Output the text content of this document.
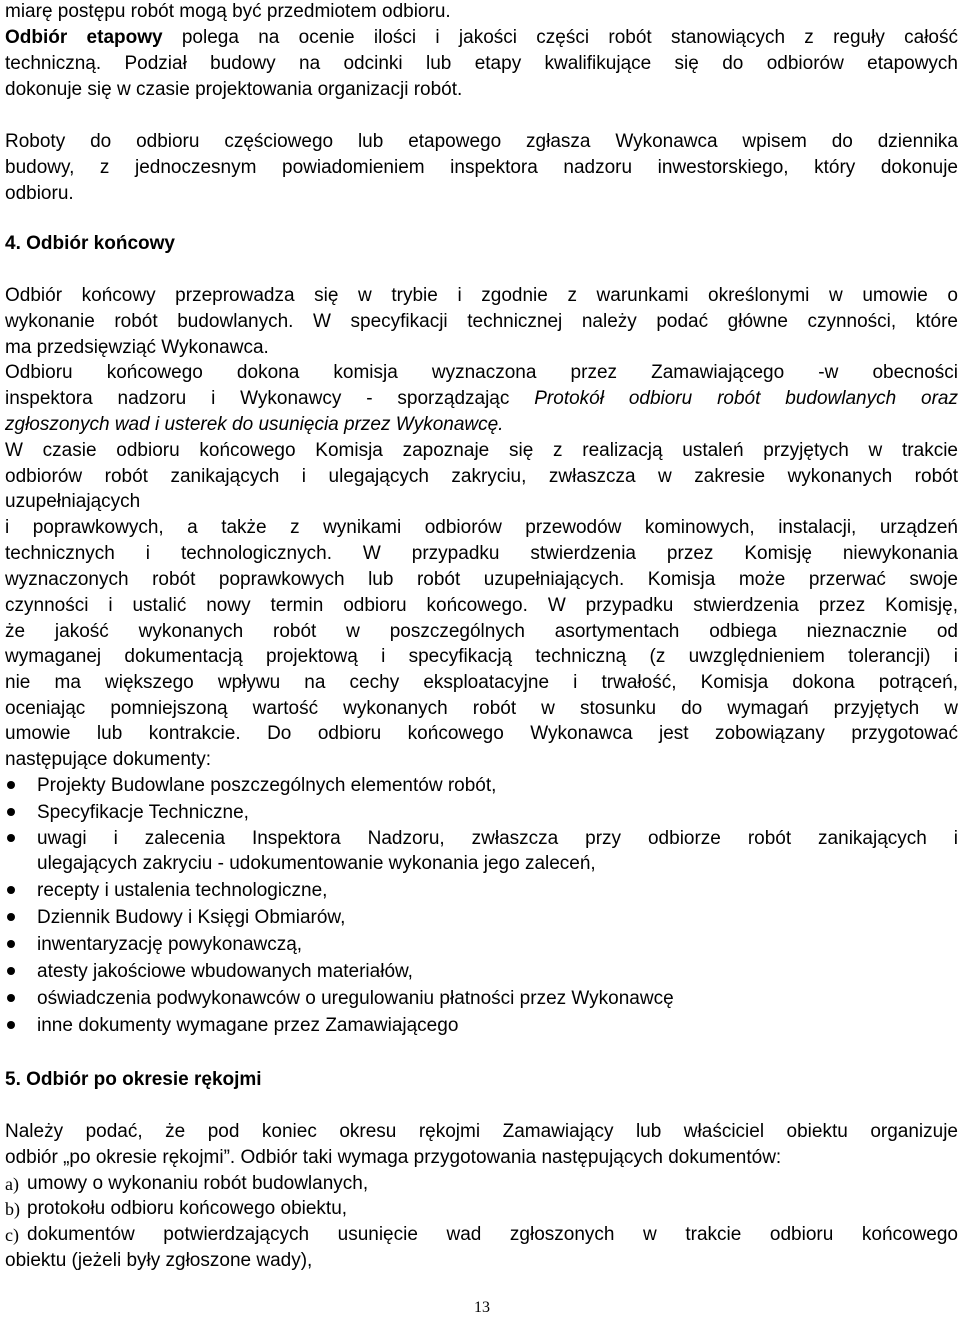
miarę postępu robót mogą być przedmiotem odbioru.
Odbiór etapowy polega na ocenie ilości i jakości części robót stanowiących z reguły całość
techniczną. Podział budowy na odcinki lub etapy kwalifikujące się do odbiorów etapowych
dokonuje się w czasie projektowania organizacji robót.
Roboty do odbioru częściowego lub etapowego zgłasza Wykonawca wpisem do dziennika
budowy, z jednoczesnym powiadomieniem inspektora nadzoru inwestorskiego, który dokonuje
odbioru.
4. Odbiór końcowy
Odbiór końcowy przeprowadza się w trybie i zgodnie z warunkami określonymi w umowie o
wykonanie robót budowlanych. W specyfikacji technicznej należy podać główne czynności, które
ma przedsięwziąć Wykonawca.
Odbioru końcowego dokona komisja wyznaczona przez Zamawiającego -w obecności
inspektora nadzoru i Wykonawcy - sporządzając Protokół odbioru robót budowlanych oraz
zgłoszonych wad i usterek do usunięcia przez Wykonawcę.
W czasie odbioru końcowego Komisja zapoznaje się z realizacją ustaleń przyjętych w trakcie
odbiorów robót zanikających i ulegających zakryciu, zwłaszcza w zakresie wykonanych robót
uzupełniających
i poprawkowych, a także z wynikami odbiorów przewodów kominowych, instalacji, urządzeń
technicznych i technologicznych. W przypadku stwierdzenia przez Komisję niewykonania
wyznaczonych robót poprawkowych lub robót uzupełniających. Komisja może przerwać swoje
czynności i ustalić nowy termin odbioru końcowego. W przypadku stwierdzenia przez Komisję,
że jakość wykonanych robót w poszczególnych asortymentach odbiega nieznacznie od
wymaganej dokumentacją projektową i specyfikacją techniczną (z uwzględnieniem tolerancji) i
nie ma większego wpływu na cechy eksploatacyjne i trwałość, Komisja dokona potrąceń,
oceniając pomniejszoną wartość wykonanych robót w stosunku do wymagań przyjętych w
umowie lub kontrakcie. Do odbioru końcowego Wykonawca jest zobowiązany przygotować
następujące dokumenty:
Projekty Budowlane poszczególnych elementów robót,
Specyfikacje Techniczne,
uwagi i zalecenia Inspektora Nadzoru, zwłaszcza przy odbiorze robót zanikających i
ulegających zakryciu - udokumentowanie wykonania jego zaleceń,
recepty i ustalenia technologiczne,
Dziennik Budowy i Księgi Obmiarów,
inwentaryzację powykonawczą,
atesty jakościowe wbudowanych materiałów,
oświadczenia podwykonawców o uregulowaniu płatności przez Wykonawcę
inne dokumenty wymagane przez Zamawiającego
5. Odbiór po okresie rękojmi
Należy podać, że pod koniec okresu rękojmi Zamawiający lub właściciel obiektu organizuje
odbiór „po okresie rękojmi”. Odbiór taki wymaga przygotowania następujących dokumentów:
a) umowy o wykonaniu robót budowlanych,
b) protokołu odbioru końcowego obiektu,
c) dokumentów potwierdzających usunięcie wad zgłoszonych w trakcie odbioru końcowego
obiektu (jeżeli były zgłoszone wady),
13
